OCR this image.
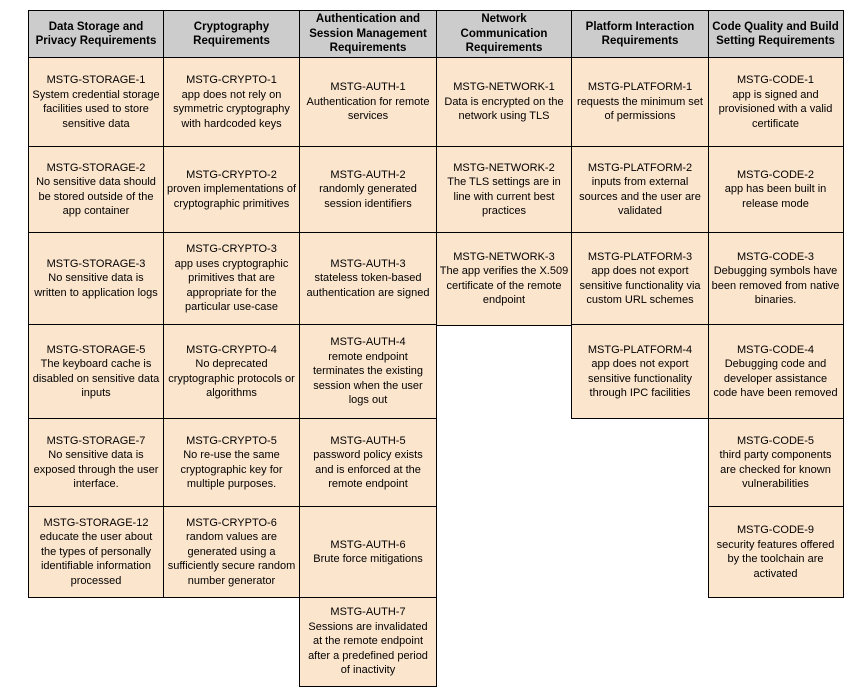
Data Storage and Privacy Requirements
MSTG-STORAGE-1
System credential storage facilities used to store sensitive data
MSTG-STORAGE-2
No sensitive data should be stored outside of the app container
MSTG-STORAGE-3
No sensitive data is written to application logs
MSTG-STORAGE-5
The keyboard cache is disabled on sensitive data inputs
MSTG-STORAGE-7
No sensitive data is exposed through the user interface.
MSTG-STORAGE-12
educate the user about the types of personally identifiable information processed
Cryptography Requirements
MSTG-CRYPTO-1
app does not rely on symmetric cryptography with hardcoded keys
MSTG-CRYPTO-2
proven implementations of cryptographic primitives
MSTG-CRYPTO-3
app uses cryptographic primitives that are appropriate for the particular use-case
MSTG-CRYPTO-4
No deprecated cryptographic protocols or algorithms
MSTG-CRYPTO-5
No re-use the same cryptographic key for multiple purposes.
MSTG-CRYPTO-6
random values are generated using a sufficiently secure random number generator
Authentication and Session Management Requirements
MSTG-AUTH-1
Authentication for remote services
MSTG-AUTH-2
randomly generated session identifiers
MSTG-AUTH-3
stateless token-based authentication are signed
MSTG-AUTH-4
remote endpoint terminates the existing session when the user logs out
MSTG-AUTH-5
password policy exists and is enforced at the remote endpoint
MSTG-AUTH-6
Brute force mitigations
MSTG-AUTH-7
Sessions are invalidated at the remote endpoint after a predefined period of inactivity
Network Communication Requirements
MSTG-NETWORK-1
Data is encrypted on the network using TLS
MSTG-NETWORK-2
The TLS settings are in line with current best practices
MSTG-NETWORK-3
The app verifies the X.509 certificate of the remote endpoint
Platform Interaction Requirements
MSTG-PLATFORM-1
requests the minimum set of permissions
MSTG-PLATFORM-2
inputs from external sources and the user are validated
MSTG-PLATFORM-3
app does not export sensitive functionality via custom URL schemes
MSTG-PLATFORM-4
app does not export sensitive functionality through IPC facilities
Code Quality and Build Setting Requirements
MSTG-CODE-1
app is signed and provisioned with a valid certificate
MSTG-CODE-2
app has been built in release mode
MSTG-CODE-3
Debugging symbols have been removed from native binaries.
MSTG-CODE-4
Debugging code and developer assistance code have been removed
MSTG-CODE-5
third party components are checked for known vulnerabilities
MSTG-CODE-9
security features offered by the toolchain are activated
